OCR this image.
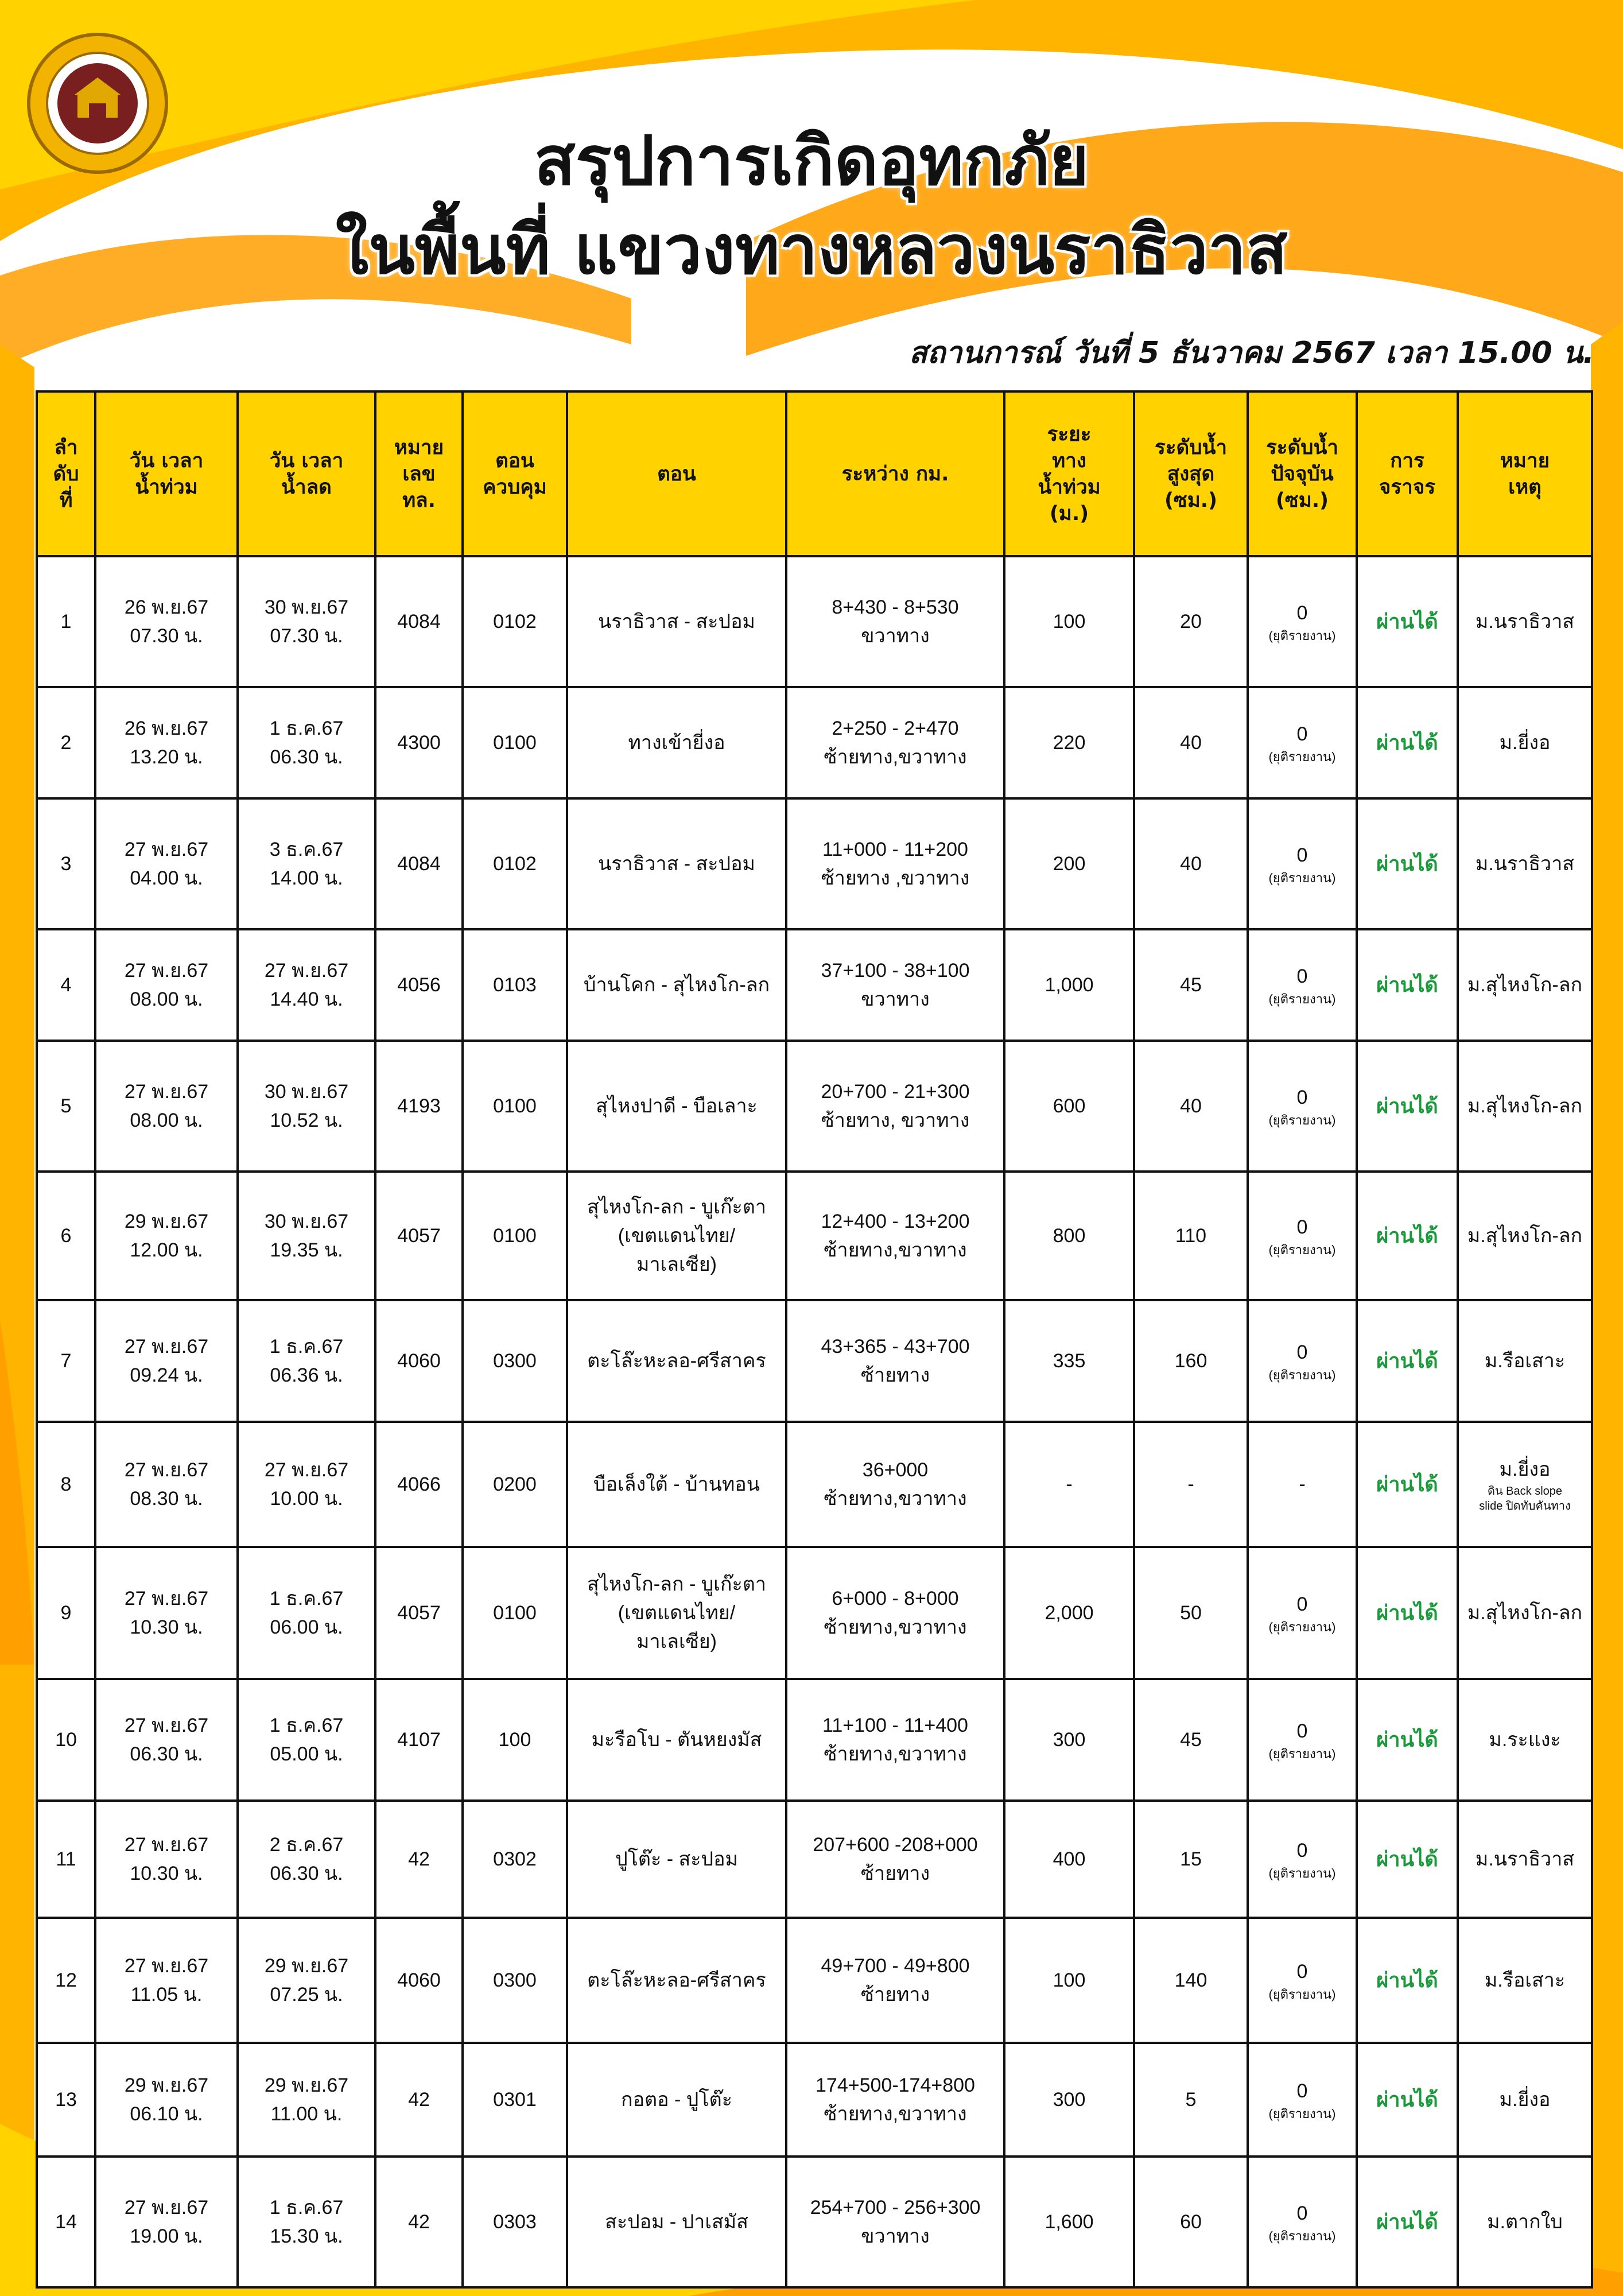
สรุปการเกิดอุทกภัย
ในพื้นที่ แขวงทางหลวงนราธิวาส
สถานการณ์ วันที่ 5 ธันวาคม 2567 เวลา 15.00 น.
ลำ
ดับ
ที่	วัน เวลา
น้ำท่วม	วัน เวลา
น้ำลด	หมาย
เลข
ทล.	ตอน
ควบคุม	ตอน	ระหว่าง กม.	ระยะ
ทาง
น้ำท่วม
(ม.)	ระดับน้ำ
สูงสุด
(ซม.)	ระดับน้ำ
ปัจจุบัน
(ซม.)	การ
จราจร	หมาย
เหตุ
1	26 พ.ย.67
07.30 น.	30 พ.ย.67
07.30 น.	4084	0102	นราธิวาส - สะปอม	8+430 - 8+530
ขวาทาง	100	20	0
(ยุติรายงาน)	ผ่านได้	ม.นราธิวาส

2	26 พ.ย.67
13.20 น.	1 ธ.ค.67
06.30 น.	4300	0100	ทางเข้ายี่งอ	2+250 - 2+470
ซ้ายทาง,ขวาทาง	220	40	0
(ยุติรายงาน)	ผ่านได้	ม.ยี่งอ

3	27 พ.ย.67
04.00 น.	3 ธ.ค.67
14.00 น.	4084	0102	นราธิวาส - สะปอม	11+000 - 11+200
ซ้ายทาง ,ขวาทาง	200	40	0
(ยุติรายงาน)	ผ่านได้	ม.นราธิวาส

4	27 พ.ย.67
08.00 น.	27 พ.ย.67
14.40 น.	4056	0103	บ้านโคก - สุไหงโก-ลก	37+100 - 38+100
ขวาทาง	1,000	45	0
(ยุติรายงาน)	ผ่านได้	ม.สุไหงโก-ลก

5	27 พ.ย.67
08.00 น.	30 พ.ย.67
10.52 น.	4193	0100	สุไหงปาดี - บือเลาะ	20+700 - 21+300
ซ้ายทาง, ขวาทาง	600	40	0
(ยุติรายงาน)	ผ่านได้	ม.สุไหงโก-ลก

6	29 พ.ย.67
12.00 น.	30 พ.ย.67
19.35 น.	4057	0100	สุไหงโก-ลก - บูเก๊ะตา
(เขตแดนไทย/
มาเลเซีย)	12+400 - 13+200
ซ้ายทาง,ขวาทาง	800	110	0
(ยุติรายงาน)	ผ่านได้	ม.สุไหงโก-ลก

7	27 พ.ย.67
09.24 น.	1 ธ.ค.67
06.36 น.	4060	0300	ตะโล๊ะหะลอ-ศรีสาคร	43+365 - 43+700
ซ้ายทาง	335	160	0
(ยุติรายงาน)	ผ่านได้	ม.รือเสาะ

8	27 พ.ย.67
08.30 น.	27 พ.ย.67
10.00 น.	4066	0200	บือเล็งใต้ - บ้านทอน	36+000
ซ้ายทาง,ขวาทาง	-	-	-	ผ่านได้	ม.ยี่งอ
ดิน Back slope
slide ปิดทับคันทาง

9	27 พ.ย.67
10.30 น.	1 ธ.ค.67
06.00 น.	4057	0100	สุไหงโก-ลก - บูเก๊ะตา
(เขตแดนไทย/
มาเลเซีย)	6+000 - 8+000
ซ้ายทาง,ขวาทาง	2,000	50	0
(ยุติรายงาน)	ผ่านได้	ม.สุไหงโก-ลก

10	27 พ.ย.67
06.30 น.	1 ธ.ค.67
05.00 น.	4107	100	มะรือโบ - ตันหยงมัส	11+100 - 11+400
ซ้ายทาง,ขวาทาง	300	45	0
(ยุติรายงาน)	ผ่านได้	ม.ระแงะ

11	27 พ.ย.67
10.30 น.	2 ธ.ค.67
06.30 น.	42	0302	ปูโต๊ะ - สะปอม	207+600 -208+000
ซ้ายทาง	400	15	0
(ยุติรายงาน)	ผ่านได้	ม.นราธิวาส

12	27 พ.ย.67
11.05 น.	29 พ.ย.67
07.25 น.	4060	0300	ตะโล๊ะหะลอ-ศรีสาคร	49+700 - 49+800
ซ้ายทาง	100	140	0
(ยุติรายงาน)	ผ่านได้	ม.รือเสาะ

13	29 พ.ย.67
06.10 น.	29 พ.ย.67
11.00 น.	42	0301	กอตอ - ปูโต๊ะ	174+500-174+800
ซ้ายทาง,ขวาทาง	300	5	0
(ยุติรายงาน)	ผ่านได้	ม.ยี่งอ

14	27 พ.ย.67
19.00 น.	1 ธ.ค.67
15.30 น.	42	0303	สะปอม - ปาเสมัส	254+700 - 256+300
ขวาทาง	1,600	60	0
(ยุติรายงาน)	ผ่านได้	ม.ตากใบ
